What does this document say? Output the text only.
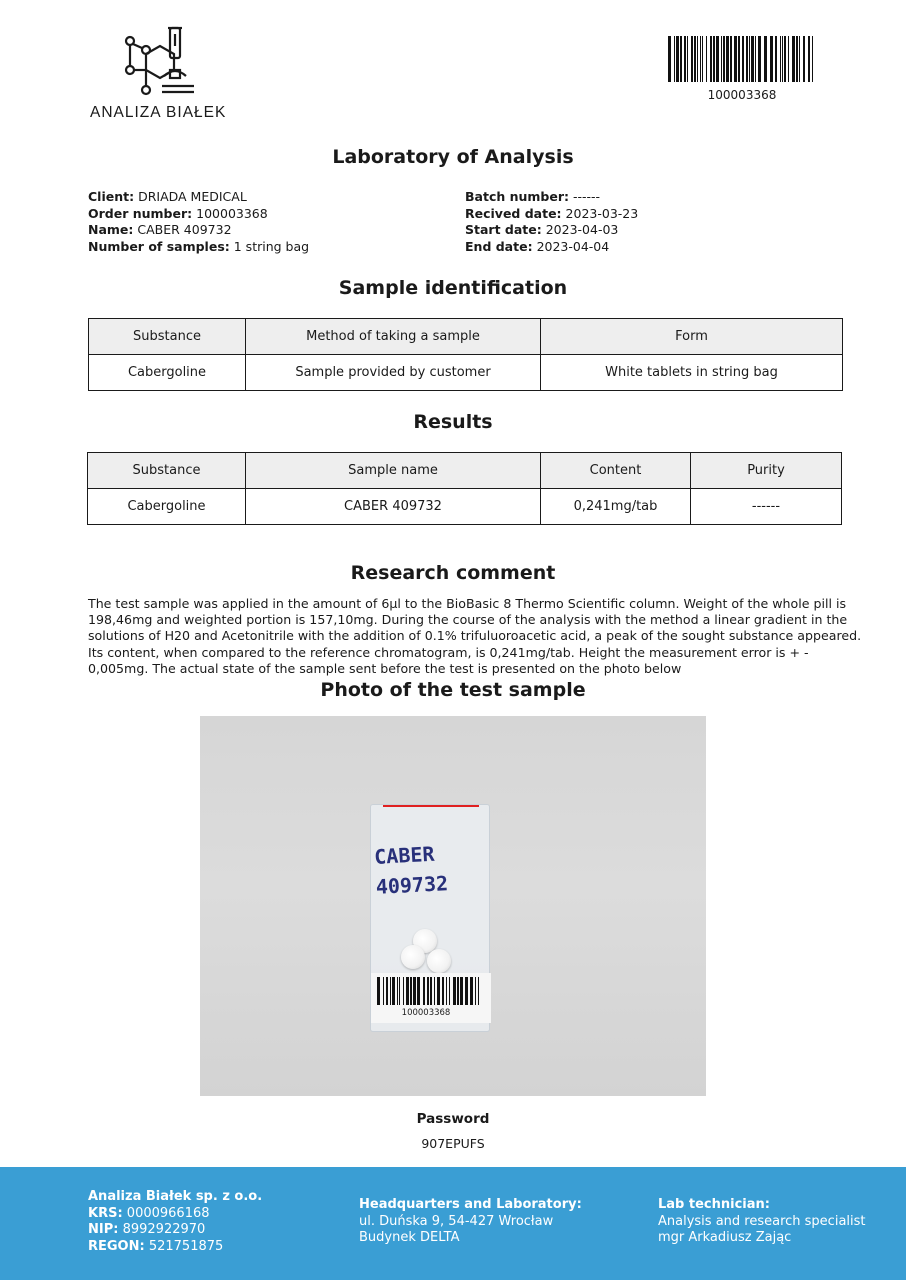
ANALIZA BIAŁEK
100003368
Laboratory of Analysis
Client: DRIADA MEDICAL
Order number: 100003368
Name: CABER 409732
Number of samples: 1 string bag
Batch number: ------
Recived date: 2023-03-23
Start date: 2023-04-03
End date: 2023-04-04
Sample identification
Substance	Method of taking a sample	Form
Cabergoline	Sample provided by customer	White tablets in string bag
Results
Substance	Sample name	Content	Purity
Cabergoline	CABER 409732	0,241mg/tab	------
Research comment
The test sample was applied in the amount of 6µl to the BioBasic 8 Thermo Scientific column. Weight of the whole pill is 198,46mg and weighted portion is 157,10mg. During the course of the analysis with the method a linear gradient in the solutions of H20 and Acetonitrile with the addition of 0.1% trifuluoroacetic acid, a peak of the sought substance appeared. Its content, when compared to the reference chromatogram, is 0,241mg/tab. Height the measurement error is + - 0,005mg. The actual state of the sample sent before the test is presented on the photo below
Photo of the test sample
CABER
409732
100003368
Password
907EPUFS
Analiza Białek sp. z o.o.
KRS: 0000966168
NIP: 8992922970
REGON: 521751875
Headquarters and Laboratory:
ul. Duńska 9, 54-427 Wrocław
Budynek DELTA
Lab technician:
Analysis and research specialist
mgr Arkadiusz Zając
